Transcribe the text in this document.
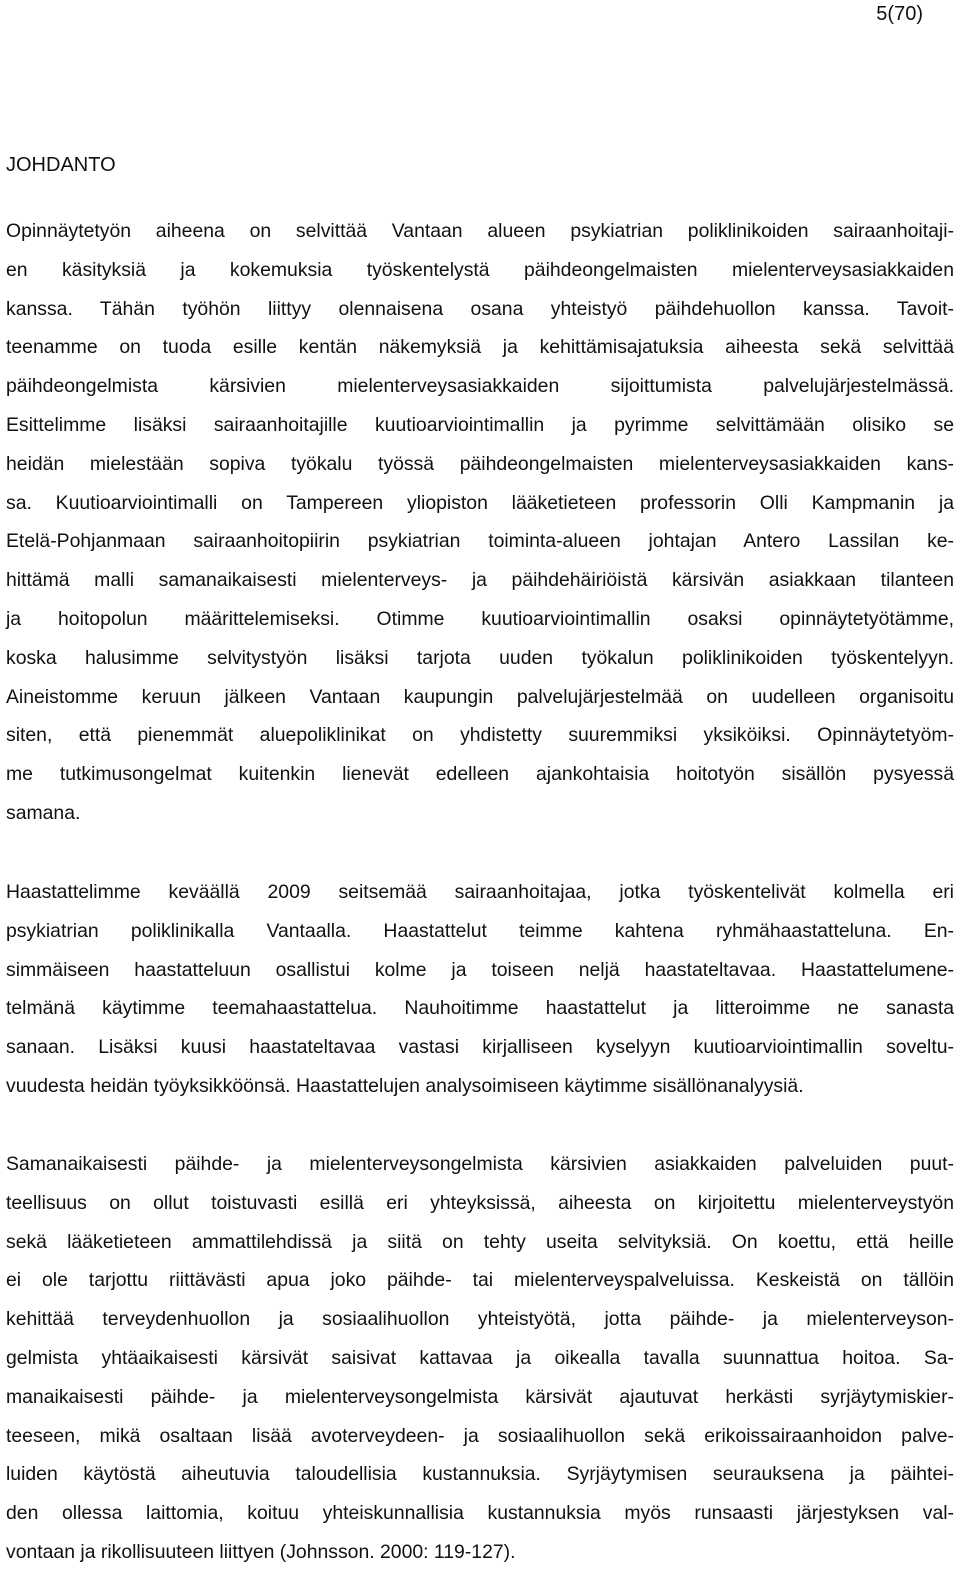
5(70)
JOHDANTO
Opinnäytetyön aiheena on selvittää Vantaan alueen psykiatrian poliklinikoiden sairaanhoitaji-
en käsityksiä ja kokemuksia työskentelystä päihdeongelmaisten mielenterveysasiakkaiden
kanssa. Tähän työhön liittyy olennaisena osana yhteistyö päihdehuollon kanssa. Tavoit-
teenamme on tuoda esille kentän näkemyksiä ja kehittämisajatuksia aiheesta sekä selvittää
päihdeongelmista kärsivien mielenterveysasiakkaiden sijoittumista palvelujärjestelmässä.
Esittelimme lisäksi sairaanhoitajille kuutioarviointimallin ja pyrimme selvittämään olisiko se
heidän mielestään sopiva työkalu työssä päihdeongelmaisten mielenterveysasiakkaiden kans-
sa. Kuutioarviointimalli on Tampereen yliopiston lääketieteen professorin Olli Kampmanin ja
Etelä-Pohjanmaan sairaanhoitopiirin psykiatrian toiminta-alueen johtajan Antero Lassilan ke-
hittämä malli samanaikaisesti mielenterveys- ja päihdehäiriöistä kärsivän asiakkaan tilanteen
ja hoitopolun määrittelemiseksi. Otimme kuutioarviointimallin osaksi opinnäytetyötämme,
koska halusimme selvitystyön lisäksi tarjota uuden työkalun poliklinikoiden työskentelyyn.
Aineistomme keruun jälkeen Vantaan kaupungin palvelujärjestelmää on uudelleen organisoitu
siten, että pienemmät aluepoliklinikat on yhdistetty suuremmiksi yksiköiksi. Opinnäytetyöm-
me tutkimusongelmat kuitenkin lienevät edelleen ajankohtaisia hoitotyön sisällön pysyessä
samana.
Haastattelimme keväällä 2009 seitsemää sairaanhoitajaa, jotka työskentelivät kolmella eri
psykiatrian poliklinikalla Vantaalla. Haastattelut teimme kahtena ryhmähaastatteluna. En-
simmäiseen haastatteluun osallistui kolme ja toiseen neljä haastateltavaa. Haastattelumene-
telmänä käytimme teemahaastattelua. Nauhoitimme haastattelut ja litteroimme ne sanasta
sanaan. Lisäksi kuusi haastateltavaa vastasi kirjalliseen kyselyyn kuutioarviointimallin soveltu-
vuudesta heidän työyksikköönsä. Haastattelujen analysoimiseen käytimme sisällönanalyysiä.
Samanaikaisesti päihde- ja mielenterveysongelmista kärsivien asiakkaiden palveluiden puut-
teellisuus on ollut toistuvasti esillä eri yhteyksissä, aiheesta on kirjoitettu mielenterveystyön
sekä lääketieteen ammattilehdissä ja siitä on tehty useita selvityksiä. On koettu, että heille
ei ole tarjottu riittävästi apua joko päihde- tai mielenterveyspalveluissa. Keskeistä on tällöin
kehittää terveydenhuollon ja sosiaalihuollon yhteistyötä, jotta päihde- ja mielenterveyson-
gelmista yhtäaikaisesti kärsivät saisivat kattavaa ja oikealla tavalla suunnattua hoitoa. Sa-
manaikaisesti päihde- ja mielenterveysongelmista kärsivät ajautuvat herkästi syrjäytymiskier-
teeseen, mikä osaltaan lisää avoterveydeen- ja sosiaalihuollon sekä erikoissairaanhoidon palve-
luiden käytöstä aiheutuvia taloudellisia kustannuksia. Syrjäytymisen seurauksena ja päihtei-
den ollessa laittomia, koituu yhteiskunnallisia kustannuksia myös runsaasti järjestyksen val-
vontaan ja rikollisuuteen liittyen (Johnsson. 2000: 119-127).
